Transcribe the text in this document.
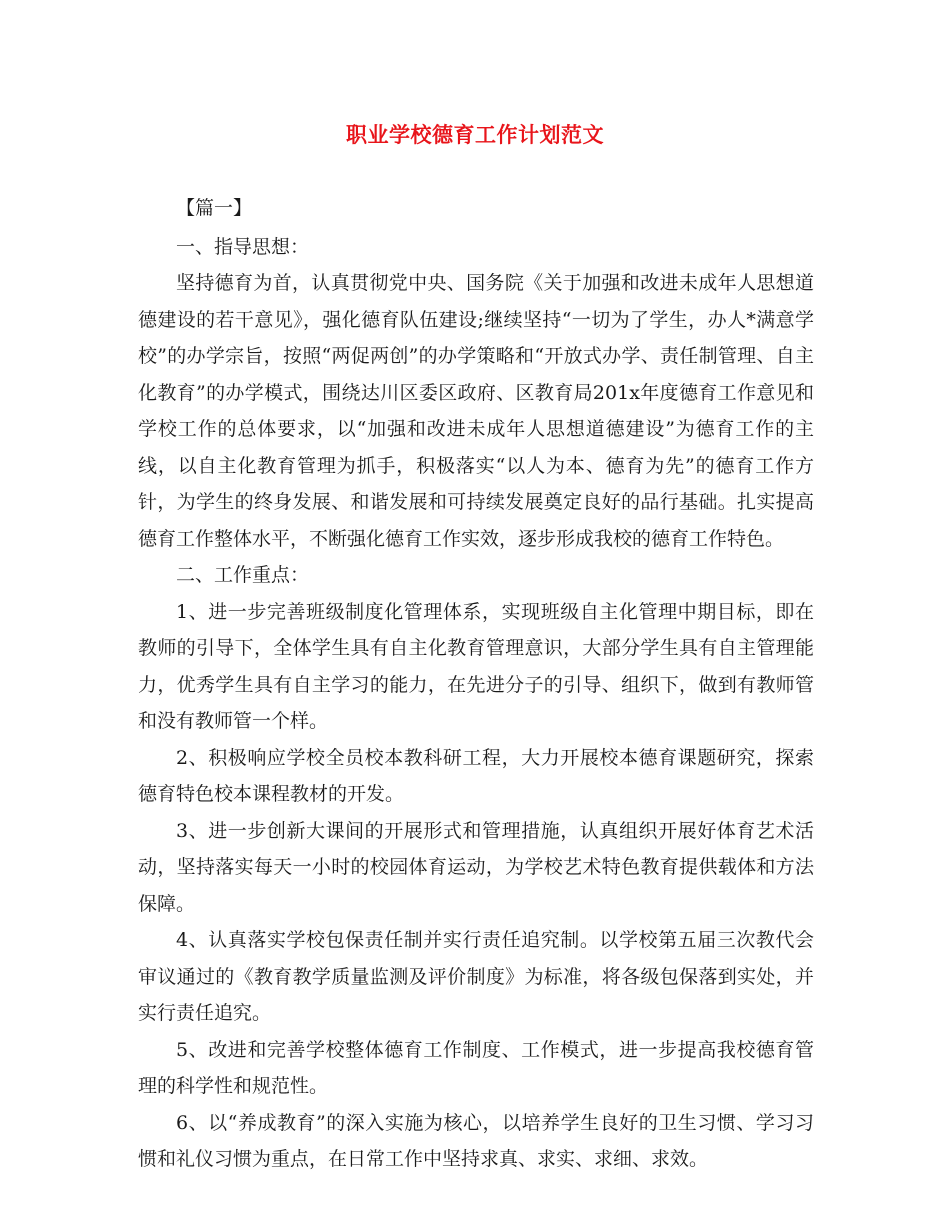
职业学校德育工作计划范文

【篇一】

一、指导思想：

坚持德育为首，认真贯彻党中央、国务院《关于加强和改进未成年人思想道德建设的若干意见》，强化德育队伍建设;继续坚持“一切为了学生，办人*满意学校”的办学宗旨，按照“两促两创”的办学策略和“开放式办学、责任制管理、自主化教育”的办学模式，围绕达川区委区政府、区教育局201x年度德育工作意见和学校工作的总体要求，以“加强和改进未成年人思想道德建设”为德育工作的主线，以自主化教育管理为抓手，积极落实“以人为本、德育为先”的德育工作方针，为学生的终身发展、和谐发展和可持续发展奠定良好的品行基础。扎实提高德育工作整体水平，不断强化德育工作实效，逐步形成我校的德育工作特色。

二、工作重点：

1、进一步完善班级制度化管理体系，实现班级自主化管理中期目标，即在教师的引导下，全体学生具有自主化教育管理意识，大部分学生具有自主管理能力，优秀学生具有自主学习的能力，在先进分子的引导、组织下，做到有教师管和没有教师管一个样。

2、积极响应学校全员校本教科研工程，大力开展校本德育课题研究，探索德育特色校本课程教材的开发。

3、进一步创新大课间的开展形式和管理措施，认真组织开展好体育艺术活动，坚持落实每天一小时的校园体育运动，为学校艺术特色教育提供载体和方法保障。

4、认真落实学校包保责任制并实行责任追究制。以学校第五届三次教代会审议通过的《教育教学质量监测及评价制度》为标准，将各级包保落到实处，并实行责任追究。

5、改进和完善学校整体德育工作制度、工作模式，进一步提高我校德育管理的科学性和规范性。

6、以“养成教育”的深入实施为核心，以培养学生良好的卫生习惯、学习习惯和礼仪习惯为重点，在日常工作中坚持求真、求实、求细、求效。
